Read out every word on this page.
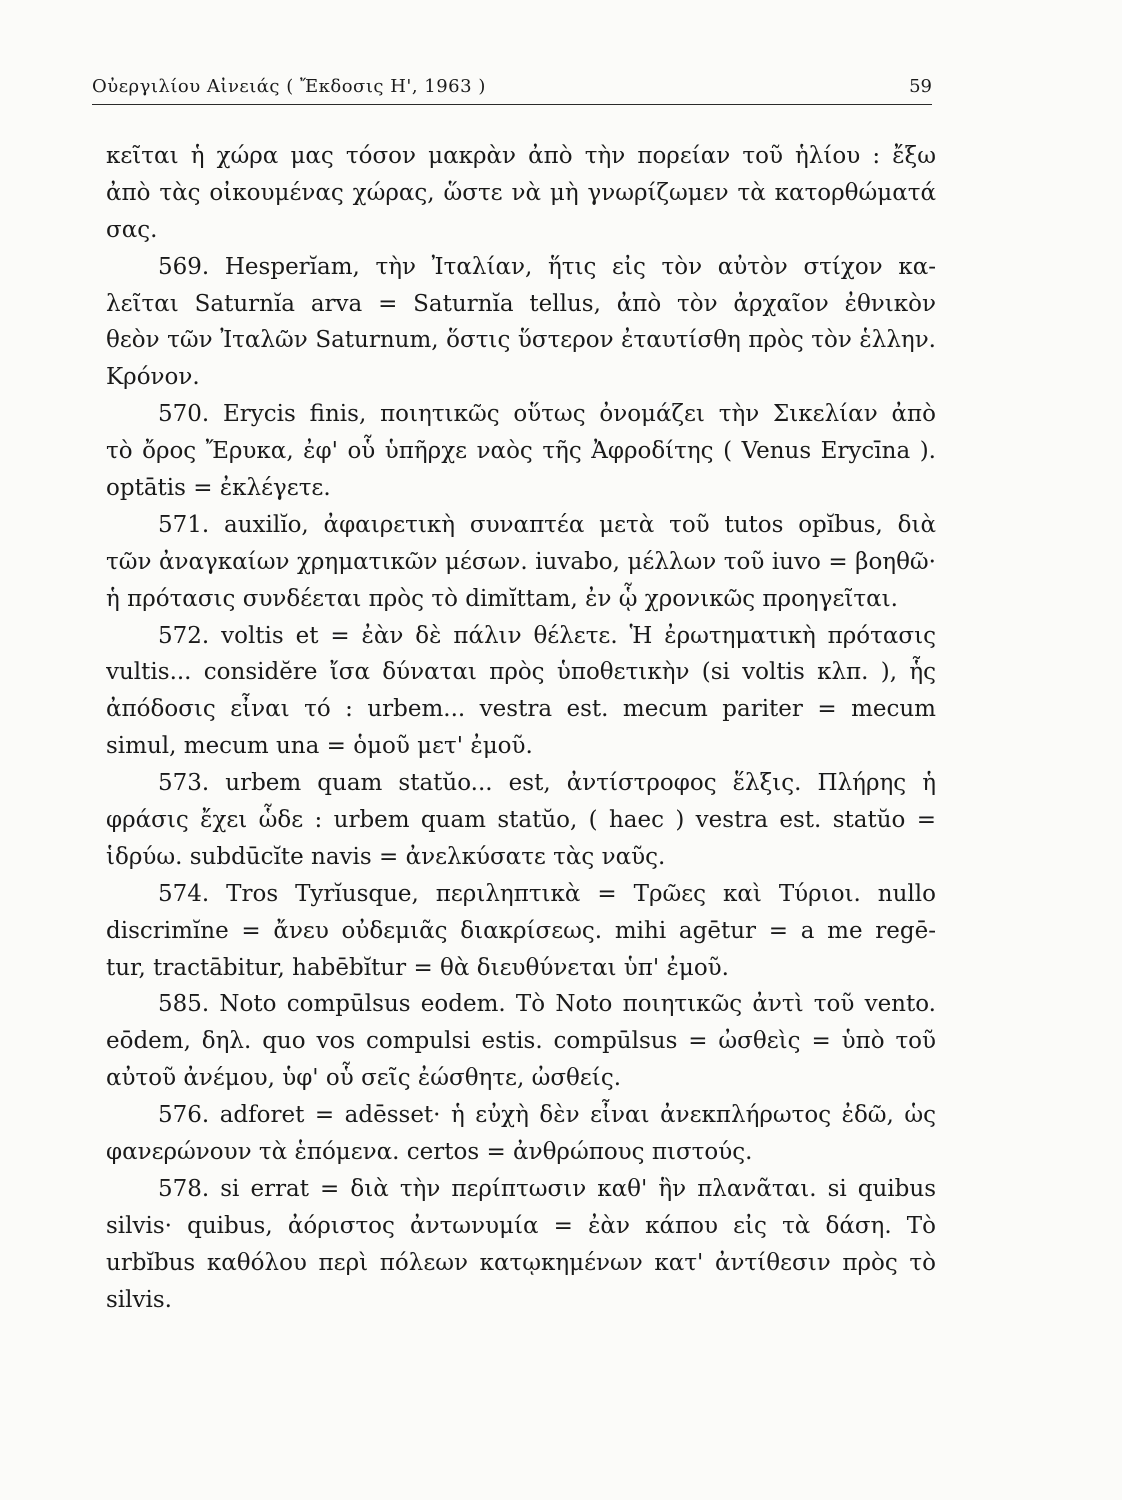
Οὐεργιλίου Αἰνειάς ( Ἔκδοσις Η', 1963 )	59
κεῖται ἡ χώρα μας τόσον μακρὰν ἀπὸ τὴν πορείαν τοῦ ἡλίου : ἔξω
ἀπὸ τὰς οἰκουμένας χώρας, ὥστε νὰ μὴ γνωρίζωμεν τὰ κατορθώματά
σας.
569. Hesperĭam, τὴν Ἰταλίαν, ἥτις εἰς τὸν αὐτὸν στίχον κα-
λεῖται Saturnĭa arva = Saturnĭa tellus, ἀπὸ τὸν ἀρχαῖον ἐθνικὸν
θεὸν τῶν Ἰταλῶν Saturnum, ὅστις ὕστερον ἐταυτίσθη πρὸς τὸν ἑλλην.
Κρόνον.
570. Erycis finis, ποιητικῶς οὕτως ὀνομάζει τὴν Σικελίαν ἀπὸ
τὸ ὄρος Ἔρυκα, ἐφ' οὗ ὑπῆρχε ναὸς τῆς Ἀφροδίτης ( Venus Erycīna ).
optātis = ἐκλέγετε.
571. auxilĭo, ἀφαιρετικὴ συναπτέα μετὰ τοῦ tutos opĭbus, διὰ
τῶν ἀναγκαίων χρηματικῶν μέσων. iuvabo, μέλλων τοῦ iuvo = βοηθῶ·
ἡ πρότασις συνδέεται πρὸς τὸ dimĭttam, ἐν ᾧ χρονικῶς προηγεῖται.
572. voltis et = ἐὰν δὲ πάλιν θέλετε. Ἡ ἐρωτηματικὴ πρότασις
vultis... considĕre ἴσα δύναται πρὸς ὑποθετικὴν (si voltis κλπ. ), ἧς
ἀπόδοσις εἶναι τό : urbem... vestra est. mecum pariter = mecum
simul, mecum una = ὁμοῦ μετ' ἐμοῦ.
573. urbem quam statŭo... est, ἀντίστροφος ἕλξις. Πλήρης ἡ
φράσις ἔχει ὧδε : urbem quam statŭo, ( haec ) vestra est. statŭo =
ἱδρύω. subdūcĭte navis = ἀνελκύσατε τὰς ναῦς.
574. Tros Tyrĭusque, περιληπτικὰ = Τρῶες καὶ Τύριοι. nullo
discrimĭne = ἄνευ οὐδεμιᾶς διακρίσεως. mihi agētur = a me regē-
tur, tractābitur, habēbĭtur = θὰ διευθύνεται ὑπ' ἐμοῦ.
585. Noto compūlsus eodem. Τὸ Noto ποιητικῶς ἀντὶ τοῦ vento.
eōdem, δηλ. quo vos compulsi estis. compūlsus = ὠσθεὶς = ὑπὸ τοῦ
αὐτοῦ ἀνέμου, ὑφ' οὗ σεῖς ἐώσθητε, ὠσθείς.
576. adforet = adēsset· ἡ εὐχὴ δὲν εἶναι ἀνεκπλήρωτος ἐδῶ, ὡς
φανερώνουν τὰ ἑπόμενα. certos = ἀνθρώπους πιστούς.
578. si errat = διὰ τὴν περίπτωσιν καθ' ἣν πλανᾶται. si quibus
silvis· quibus, ἀόριστος ἀντωνυμία = ἐὰν κάπου εἰς τὰ δάση. Τὸ
urbĭbus καθόλου περὶ πόλεων κατῳκημένων κατ' ἀντίθεσιν πρὸς τὸ
silvis.
